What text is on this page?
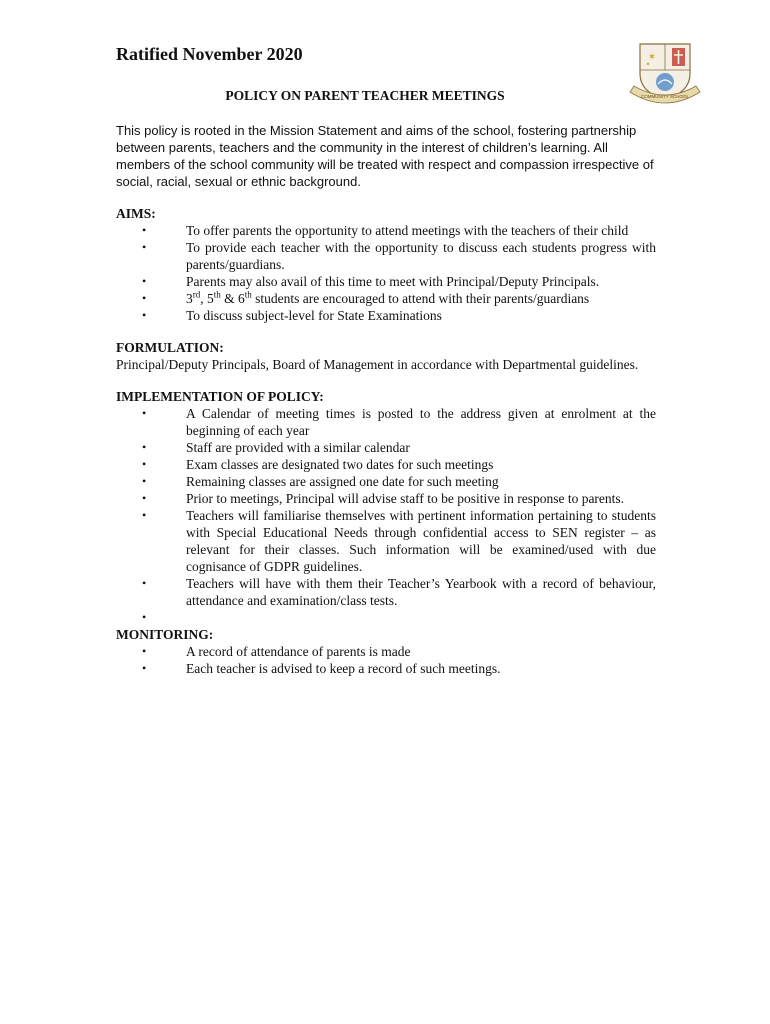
Ratified November 2020	✶
✶
COMMUNITY SCHOOL
POLICY ON PARENT TEACHER MEETINGS

This policy is rooted in the Mission Statement and aims of the school, fostering partnership between parents, teachers and the community in the interest of children’s learning. All members of the school community will be treated with respect and compassion irrespective of social, racial, sexual or ethnic background.

AIMS:
•	To offer parents the opportunity to attend meetings with the teachers of their child
•	To provide each teacher with the opportunity to discuss each students progress with parents/guardians.
•	Parents may also avail of this time to meet with Principal/Deputy Principals.
•	3rd, 5th & 6th students are encouraged to attend with their parents/guardians
•	To discuss subject-level for State Examinations
FORMULATION:

Principal/Deputy Principals, Board of Management in accordance with Departmental guidelines.

IMPLEMENTATION OF POLICY:
•	A Calendar of meeting times is posted to the address given at enrolment at the beginning of each year
•	Staff are provided with a similar calendar
•	Exam classes are designated two dates for such meetings
•	Remaining classes are assigned one date for such meeting
•	Prior to meetings, Principal will advise staff to be positive in response to parents.
•	Teachers will familiarise themselves with pertinent information pertaining to students with Special Educational Needs through confidential access to SEN register – as relevant for their classes. Such information will be examined/used with due cognisance of GDPR guidelines.
•	Teachers will have with them their Teacher’s Yearbook with a record of behaviour, attendance and examination/class tests.
•
MONITORING:
•	A record of attendance of parents is made
•	Each teacher is advised to keep a record of such meetings.
